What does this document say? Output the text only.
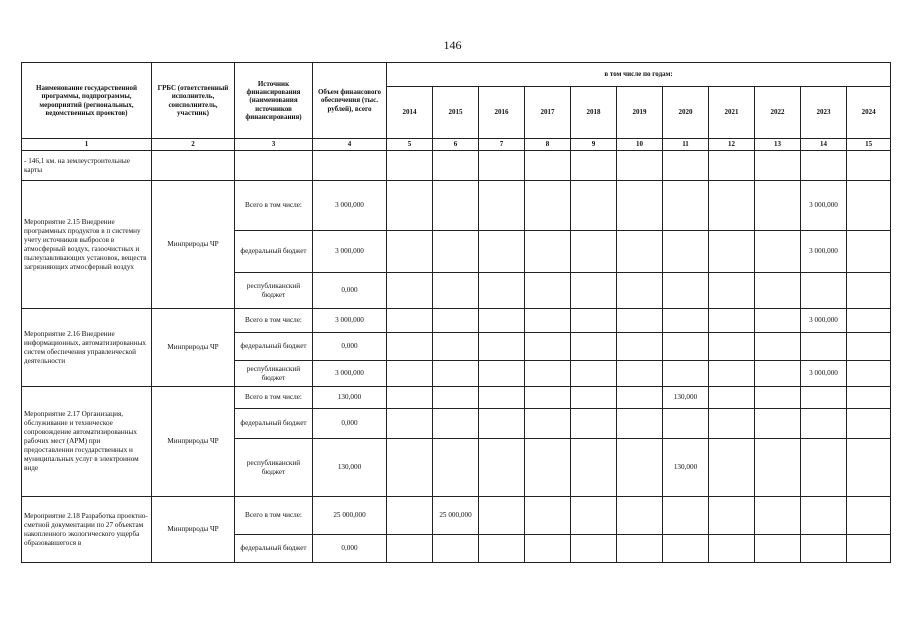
146
Наименование государственной программы, подпрограммы, мероприятий (региональных, ведомственных проектов)	ГРБС (ответственный исполнитель, соисполнитель, участник)	Источник финансирования (наименования источников финансирования)	Объем финансового обеспечения (тыс. рублей), всего	в том числе по годам:										
				2014	2015	2016	2017	2018	2019	2020	2021	2022	2023	2024
1	2	3	4	5	6	7	8	9	10	11	12	13	14	15
- 146,1 км. на землеустроительные карты														
Мероприятие 2.15 Внедрение программных продуктов в п системну учету источников выбросов в атмосферный воздух, газоочистных и пылеулавливающих установок, веществ загрязняющих атмосферный воздух	Минприроды ЧР	Всего в том числе:	3 000,000										3 000,000	
		федеральный бюджет	3 000,000										3 000,000	
		республиканский бюджет	0,000											
Мероприятие 2.16 Внедрение информационных, автоматизированных систем обеспечения управленческой деятельности	Минприроды ЧР	Всего в том числе:	3 000,000										3 000,000	
		федеральный бюджет	0,000											
		республиканский бюджет	3 000,000										3 000,000	
Мероприятие 2.17 Организация, обслуживание и техническое сопровождение автоматизированных рабочих мест (АРМ) при предоставлении государственных и муниципальных услуг в электронном виде	Минприроды ЧР	Всего в том числе:	130,000							130,000				
		федеральный бюджет	0,000											
		республиканский бюджет	130,000							130,000				
Мероприятие 2.18 Разработка проектно-сметной документации по 27 объектам накопленного экологического ущерба образовавшегося в	Минприроды ЧР	Всего в том числе:	25 000,000		25 000,000									
		федеральный бюджет	0,000											
